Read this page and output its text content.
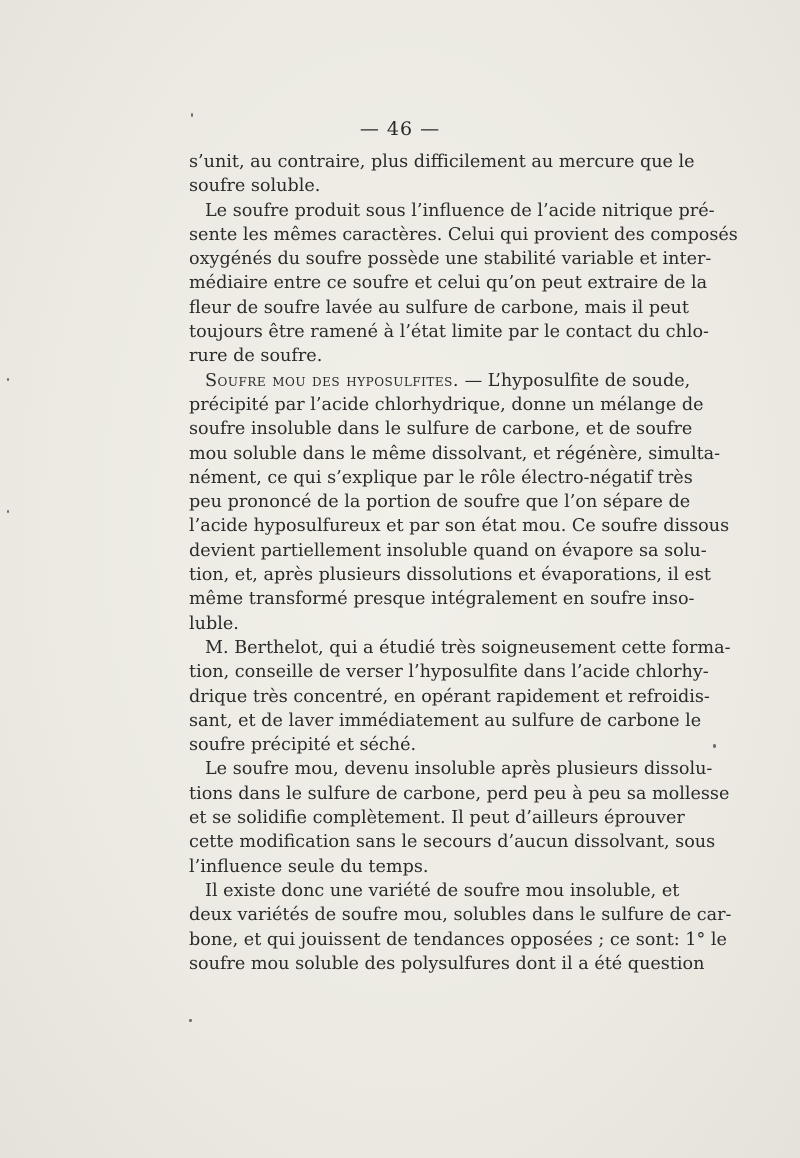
— 46 —

s’unit, au contraire, plus difficilement au mercure que le
soufre soluble.

Le soufre produit sous l’influence de l’acide nitrique pré-
sente les mêmes caractères. Celui qui provient des composés
oxygénés du soufre possède une stabilité variable et inter-
médiaire entre ce soufre et celui qu’on peut extraire de la
fleur de soufre lavée au sulfure de carbone, mais il peut
toujours être ramené à l’état limite par le contact du chlo-
rure de soufre.

Soufre mou des hyposulfites. — L’hyposulfite de soude,
précipité par l’acide chlorhydrique, donne un mélange de
soufre insoluble dans le sulfure de carbone, et de soufre
mou soluble dans le même dissolvant, et régénère, simulta-
nément, ce qui s’explique par le rôle électro-négatif très
peu prononcé de la portion de soufre que l’on sépare de
l’acide hyposulfureux et par son état mou. Ce soufre dissous
devient partiellement insoluble quand on évapore sa solu-
tion, et, après plusieurs dissolutions et évaporations, il est
même transformé presque intégralement en soufre inso-
luble.

M. Berthelot, qui a étudié très soigneusement cette forma-
tion, conseille de verser l’hyposulfite dans l’acide chlorhy-
drique très concentré, en opérant rapidement et refroidis-
sant, et de laver immédiatement au sulfure de carbone le
soufre précipité et séché.

Le soufre mou, devenu insoluble après plusieurs dissolu-
tions dans le sulfure de carbone, perd peu à peu sa mollesse
et se solidifie complètement. Il peut d’ailleurs éprouver
cette modification sans le secours d’aucun dissolvant, sous
l’influence seule du temps.

Il existe donc une variété de soufre mou insoluble, et
deux variétés de soufre mou, solubles dans le sulfure de car-
bone, et qui jouissent de tendances opposées ; ce sont: 1° le
soufre mou soluble des polysulfures dont il a été question
